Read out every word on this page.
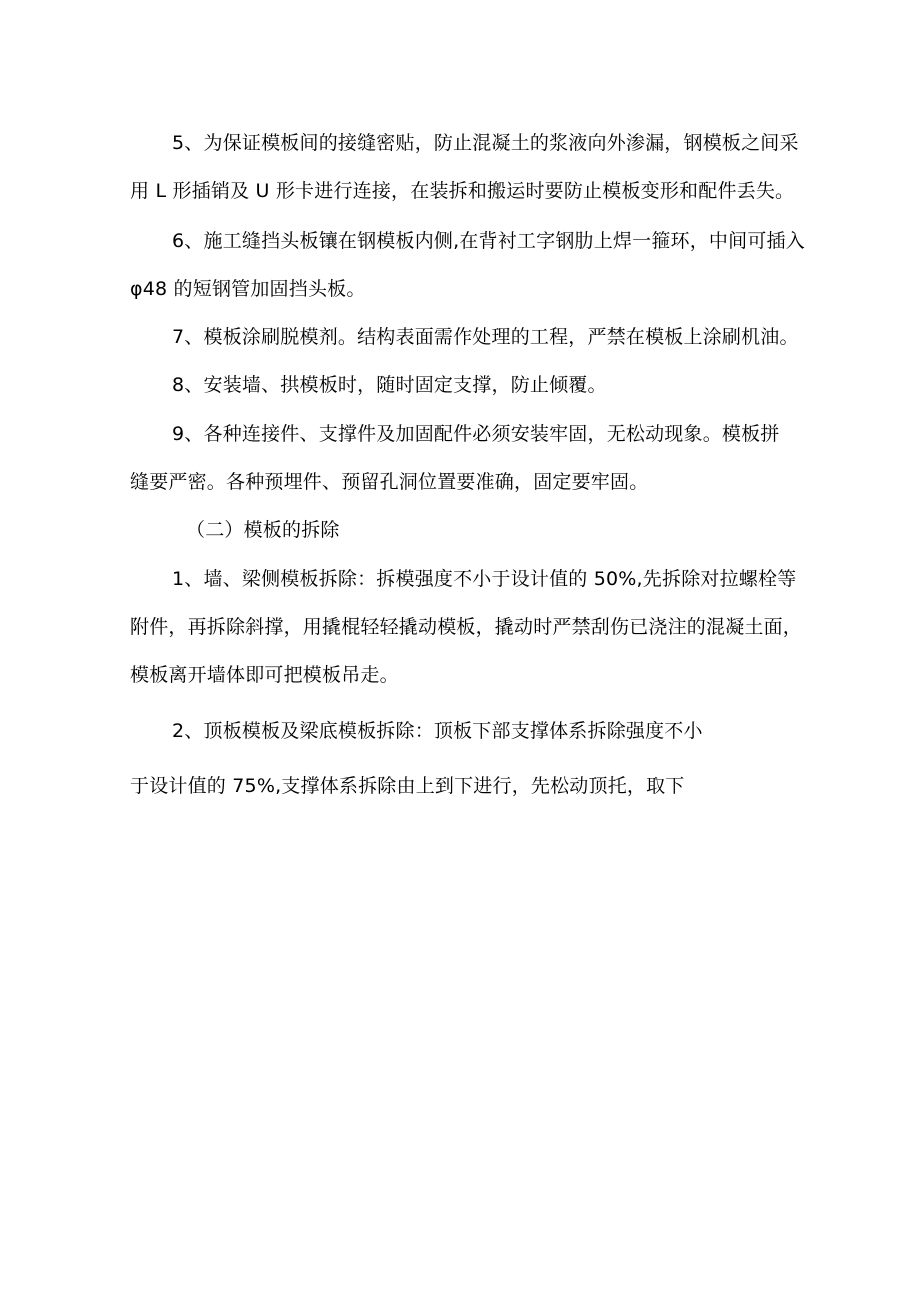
5、为保证模板间的接缝密贴，防止混凝土的浆液向外渗漏，钢模板之间采
用 L 形插销及 U 形卡进行连接，在装拆和搬运时要防止模板变形和配件丢失。
6、施工缝挡头板镶在钢模板内侧,在背衬工字钢肋上焊一箍环，中间可插入
φ48 的短钢管加固挡头板。
7、模板涂刷脱模剂。结构表面需作处理的工程，严禁在模板上涂刷机油。
8、安装墙、拱模板时，随时固定支撑，防止倾覆。
9、各种连接件、支撑件及加固配件必须安装牢固，无松动现象。模板拼
缝要严密。各种预埋件、预留孔洞位置要准确，固定要牢固。
（二）模板的拆除
1、墙、梁侧模板拆除：拆模强度不小于设计值的 50%,先拆除对拉螺栓等
附件，再拆除斜撑，用撬棍轻轻撬动模板，撬动时严禁刮伤已浇注的混凝土面，
模板离开墙体即可把模板吊走。
2、顶板模板及梁底模板拆除：顶板下部支撑体系拆除强度不小
于设计值的 75%,支撑体系拆除由上到下进行，先松动顶托，取下
